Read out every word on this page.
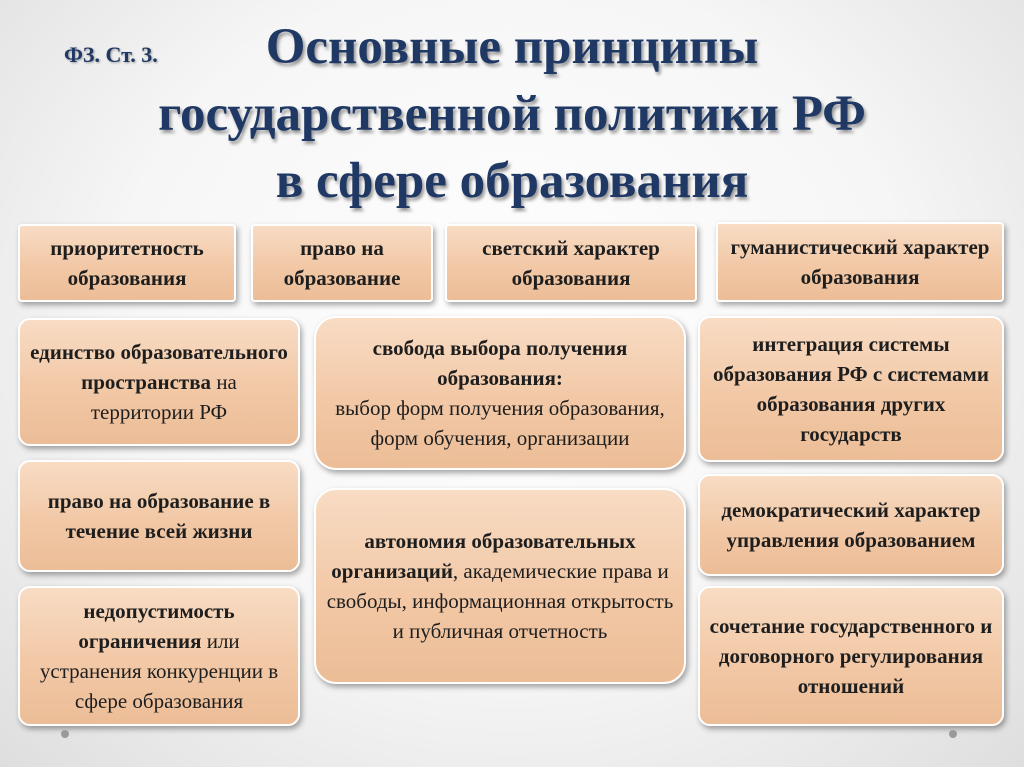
ФЗ. Ст. 3.	Основные принципы
государственной политики РФ
в сфере образования
приоритетность образования
право на образование
светский характер образования
гуманистический характер образования
единство образовательного пространства на территории РФ
право на образование в течение всей жизни
недопустимость ограничения или устранения конкуренции в сфере образования
свобода выбора получения образования:
выбор форм получения образования, форм обучения, организации
автономия образовательных организаций, академические права и свободы, информационная открытость и публичная отчетность
интеграция системы образования РФ с системами образования других государств
демократический характер управления образованием
сочетание государственного и договорного регулирования отношений
